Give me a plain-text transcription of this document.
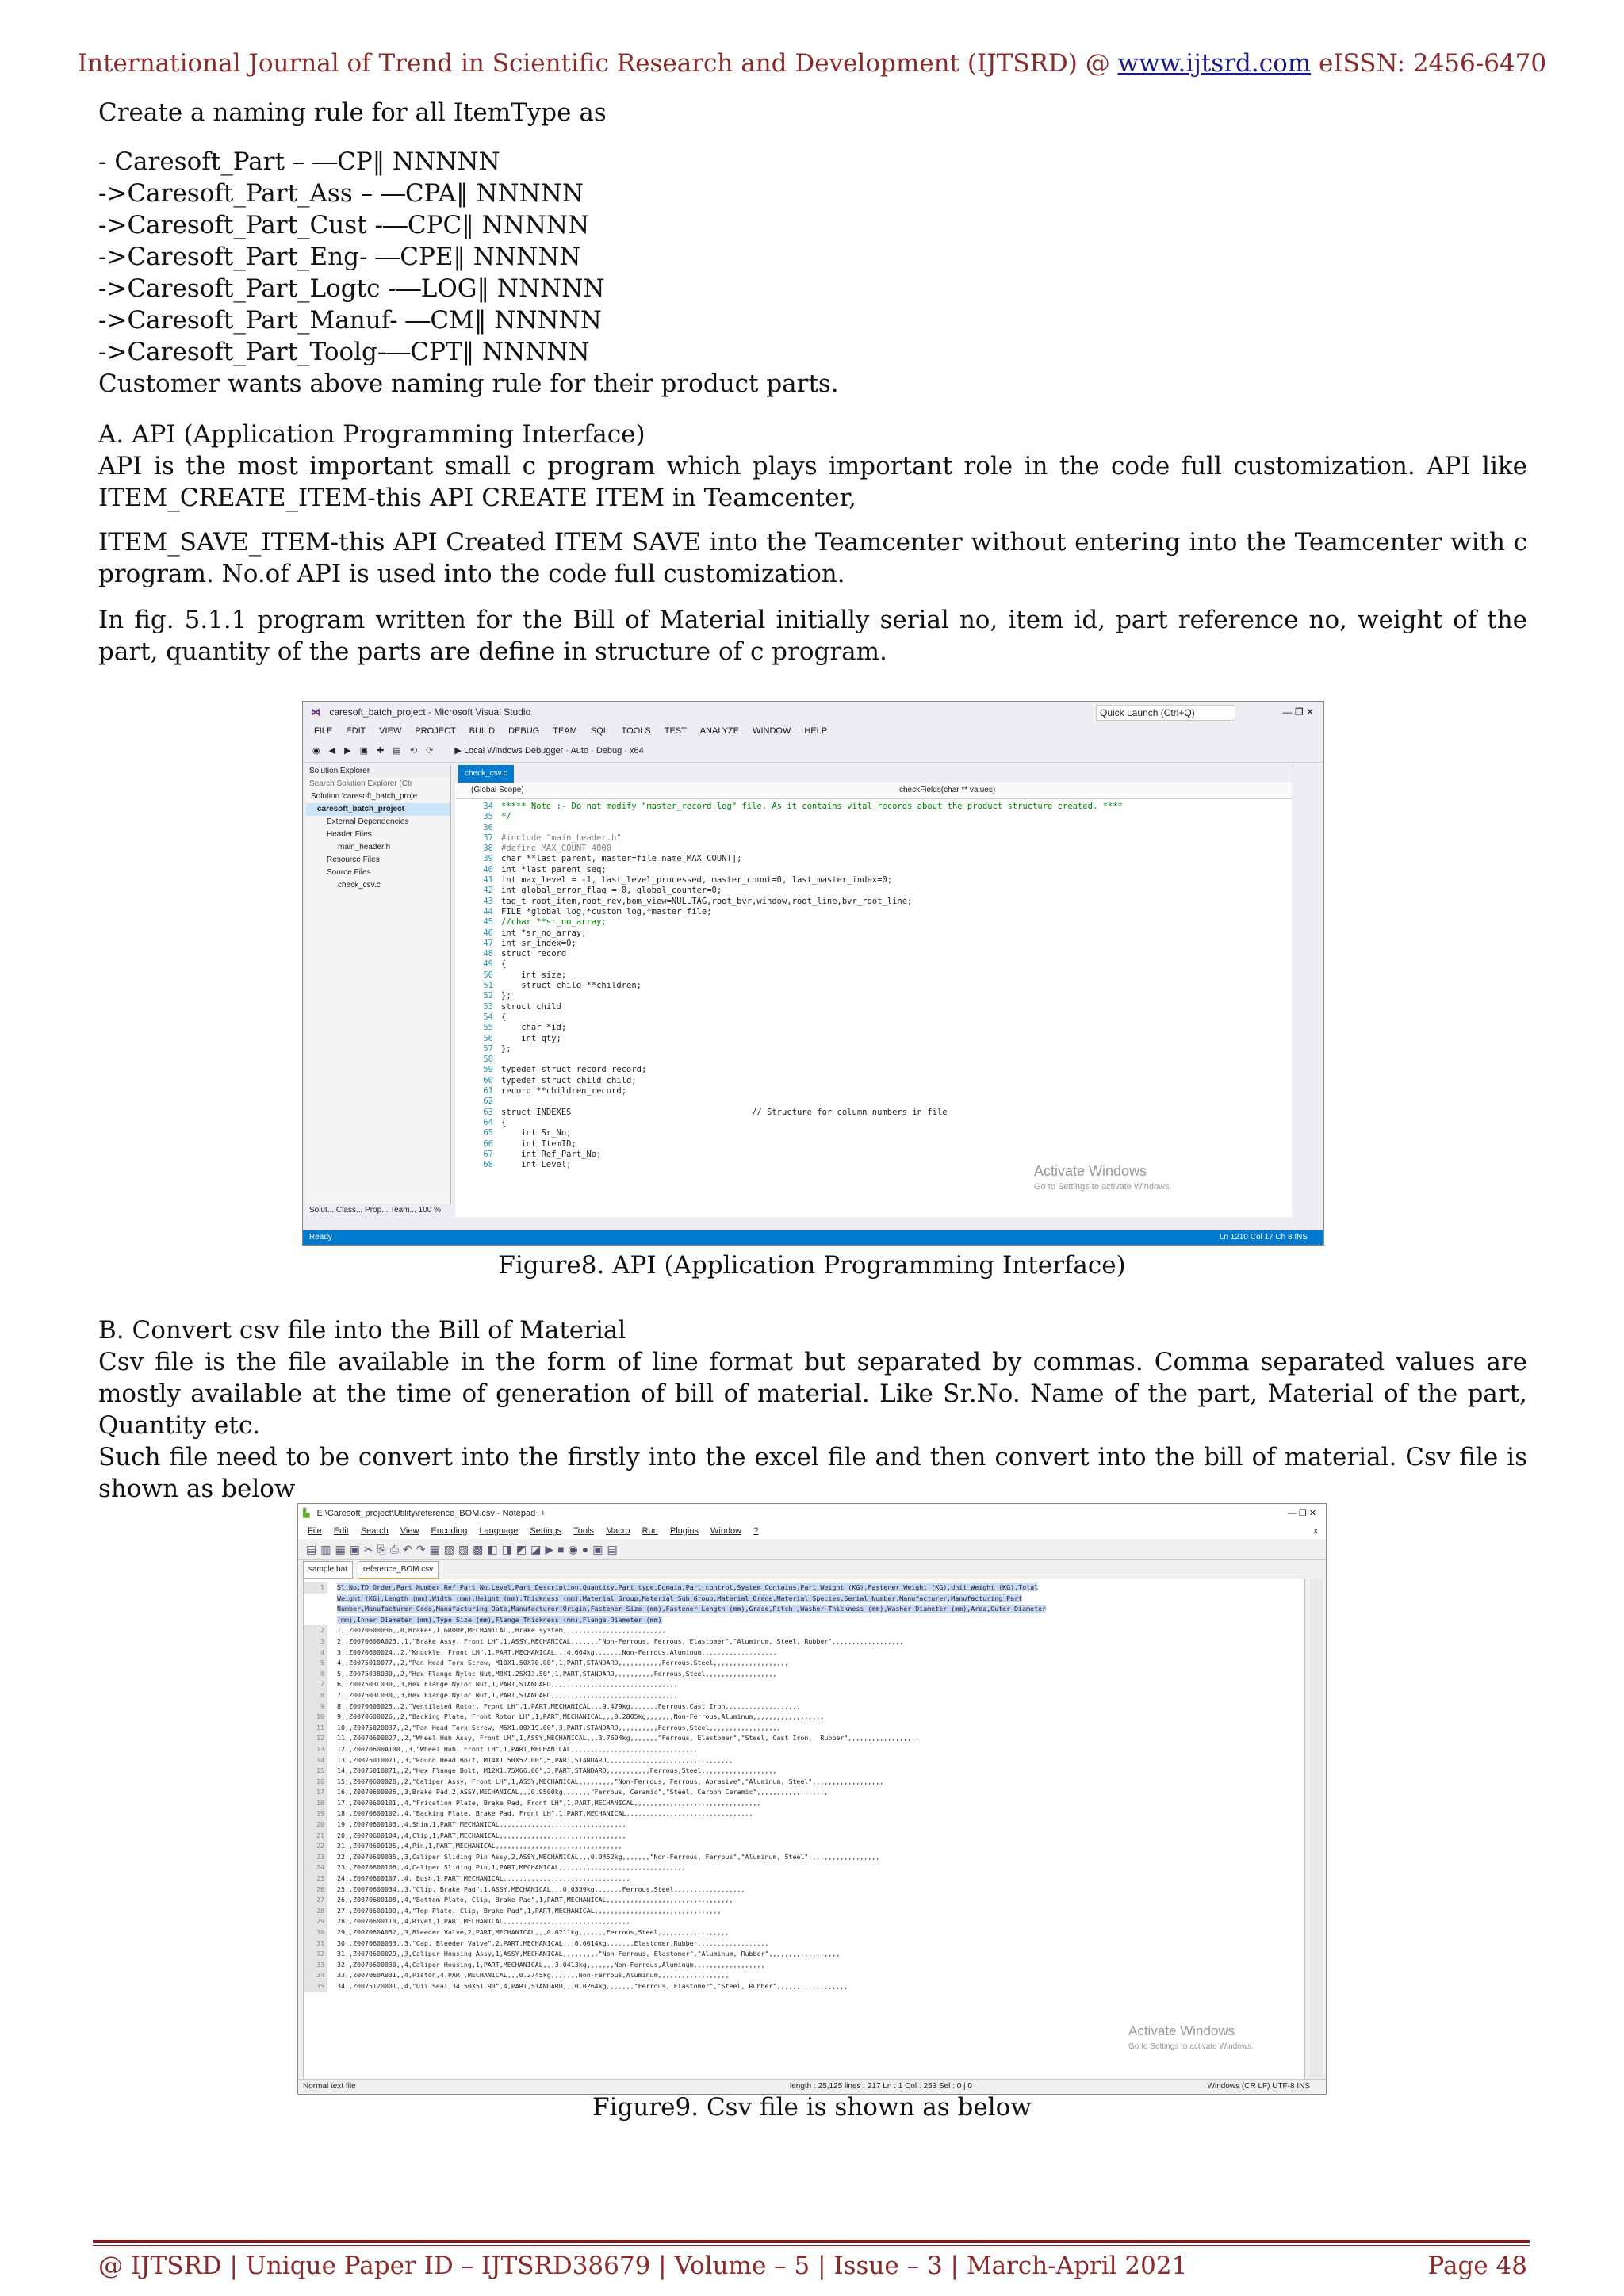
International Journal of Trend in Scientific Research and Development (IJTSRD) @ www.ijtsrd.com eISSN: 2456-6470
Create a naming rule for all ItemType as
- Caresoft_Part – ―CP‖ NNNNN
->Caresoft_Part_Ass – ―CPA‖ NNNNN
->Caresoft_Part_Cust -―CPC‖ NNNNN
->Caresoft_Part_Eng- ―CPE‖ NNNNN
->Caresoft_Part_Logtc -―LOG‖ NNNNN
->Caresoft_Part_Manuf- ―CM‖ NNNNN
->Caresoft_Part_Toolg-―CPT‖ NNNNN
Customer wants above naming rule for their product parts.
A. API (Application Programming Interface)
API is the most important small c program which plays important role in the code full customization. API like ITEM_CREATE_ITEM-this API CREATE ITEM in Teamcenter,
ITEM_SAVE_ITEM-this API Created ITEM SAVE into the Teamcenter without entering into the Teamcenter with c program. No.of API is used into the code full customization.
In fig. 5.1.1 program written for the Bill of Material initially serial no, item id, part reference no, weight of the part, quantity of the parts are define in structure of c program.
⋈ caresoft_batch_project - Microsoft Visual Studio	Quick Launch (Ctrl+Q)	— ❐ ✕
FILE EDIT VIEW PROJECT BUILD DEBUG TEAM SQL TOOLS TEST ANALYZE WINDOW HELP
◉ ◀ ▶ ▣ ✚ ▤ ⟲ ⟳ ▶ Local Windows Debugger · Auto · Debug · x64
Solution Explorer
Search Solution Explorer (Ctr
Solution 'caresoft_batch_proje
caresoft_batch_project
External Dependencies
Header Files
main_header.h
Resource Files
Source Files
check_csv.c
Solut... Class... Prop... Team... 100 %
check_csv.c
(Global Scope)	checkFields(char ** values)
34 ***** Note :- Do not modify "master_record.log" file. As it contains vital records about the product structure created. ****
35 */
36
37 #include "main_header.h"
38 #define MAX_COUNT 4000
39 char **last_parent, master=file_name[MAX_COUNT];
40 int *last_parent_seq;
41 int max_level = -1, last_level_processed, master_count=0, last_master_index=0;
42 int global_error_flag = 0, global_counter=0;
43 tag_t root_item,root_rev,bom_view=NULLTAG,root_bvr,window,root_line,bvr_root_line;
44 FILE *global_log,*custom_log,*master_file;
45 //char **sr_no_array;
46 int *sr_no_array;
47 int sr_index=0;
48 struct record
49 {
50    int size;
51    struct child **children;
52 };
53 struct child
54 {
55    char *id;
56    int qty;
57 };
58
59 typedef struct record record;
60 typedef struct child child;
61 record **children_record;
62
63 struct INDEXES                                    // Structure for column numbers in file
64 {
65    int Sr_No;
66    int ItemID;
67    int Ref_Part_No;
68    int Level;	Activate Windows
Go to Settings to activate Windows.
Ready	Ln 1210 Col 17 Ch 8 INS
Figure8. API (Application Programming Interface)
B. Convert csv file into the Bill of Material
Csv file is the file available in the form of line format but separated by commas. Comma separated values are mostly available at the time of generation of bill of material. Like Sr.No. Name of the part, Material of the part, Quantity etc.
Such file need to be convert into the firstly into the excel file and then convert into the bill of material. Csv file is shown as below
▙ E:\Caresoft_project\Utility\reference_BOM.csv - Notepad++	— ❐ ✕
File Edit Search View Encoding Language Settings Tools Macro Run Plugins Window ?	x
▤▥▦▣✂⎘⎙↶↷▦▧▨▩◧◨◩◪▶■◉●▣▤
sample.bat reference_BOM.csv
1 Sl.No,TD Order,Part Number,Ref Part No,Level,Part Description,Quantity,Part type,Domain,Part control,System Contains,Part Weight (KG),Fastener Weight (KG),Unit Weight (KG),Total
Weight (KG),Length (mm),Width (mm),Height (mm),Thickness (mm),Material Group,Material Sub Group,Material Grade,Material Species,Serial Number,Manufacturer,Manufacturing Part
Number,Manufacturer Code,Manufacturing Date,Manufacturer Origin,Fastener Size (mm),Fastener Length (mm),Grade,Pitch ,Washer Thickness (mm),Washer Diameter (mm),Area,Outer Diameter
(mm),Inner Diameter (mm),Type Size (mm),Flange Thickness (mm),Flange Diameter (mm)
2 1,,Z0070600036,,0,Brakes,1,GROUP,MECHANICAL,,Brake system,,,,,,,,,,,,,,,,,,,,,,,,,,
3 2,,Z0070600A023,,1,"Brake Assy, Front LH",1,ASSY,MECHANICAL,,,,,,,"Non-Ferrous, Ferrous, Elastomer","Aluminum, Steel, Rubber",,,,,,,,,,,,,,,,,,
4 3,,Z0070600024,,2,"Knuckle, Front LH",1,PART,MECHANICAL,,,4.664kg,,,,,,,Non-Ferrous,Aluminum,,,,,,,,,,,,,,,,,,,
5 4,,Z0075010077,,2,"Pan Head Torx Screw, M10X1.50X70.00",1,PART,STANDARD,,,,,,,,,,,Ferrous,Steel,,,,,,,,,,,,,,,,,,,
6 5,,Z0075038030,,2,"Hex Flange Nyloc Nut,M8X1.25X13.50",1,PART,STANDARD,,,,,,,,,,Ferrous,Steel,,,,,,,,,,,,,,,,,,
7 6,,Z007503C030,,3,Hex Flange Nyloc Nut,1,PART,STANDARD,,,,,,,,,,,,,,,,,,,,,,,,,,,,,,,,
8 7,,Z007503C030,,3,Hex Flange Nyloc Nut,1,PART,STANDARD,,,,,,,,,,,,,,,,,,,,,,,,,,,,,,,,
9 8,,Z0070600025,,2,"Ventilated Rotor, Front LH",1,PART,MECHANICAL,,,9.479kg,,,,,,,Ferrous,Cast Iron,,,,,,,,,,,,,,,,,,,
10 9,,Z0070600026,,2,"Backing Plate, Front Rotor LH",1,PART,MECHANICAL,,,0.2805kg,,,,,,,Non-Ferrous,Aluminum,,,,,,,,,,,,,,,,,,
11 10,,Z0075020037,,2,"Pan Head Torx Screw, M6X1.00X19.00",3,PART,STANDARD,,,,,,,,,,Ferrous,Steel,,,,,,,,,,,,,,,,,,
12 11,,Z0070600027,,2,"Wheel Hub Assy, Front LH",1,ASSY,MECHANICAL,,,3.7604kg,,,,,,,"Ferrous, Elastomer","Steel, Cast Iron,  Rubber",,,,,,,,,,,,,,,,,,
13 12,,Z0070600A100,,3,"Wheel Hub, Front LH",1,PART,MECHANICAL,,,,,,,,,,,,,,,,,,,,,,,,,,,,,,,,
14 13,,Z0075010071,,3,"Round Head Bolt, M14X1.50X52.00",5,PART,STANDARD,,,,,,,,,,,,,,,,,,,,,,,,,,,,,,,,
15 14,,Z0075010071,,2,"Hex Flange Bolt, M12X1.75X66.00",3,PART,STANDARD,,,,,,,,,,,Ferrous,Steel,,,,,,,,,,,,,,,,,,,
16 15,,Z0070600028,,2,"Caliper Assy, Front LH",1,ASSY,MECHANICAL,,,,,,,,,"Non-Ferrous, Ferrous, Abrasive","Aluminum, Steel",,,,,,,,,,,,,,,,,,
17 16,,Z0070600036,,3,Brake Pad,2,ASSY,MECHANICAL,,,0.9500kg,,,,,,,"Ferrous, Ceramic","Steel, Carbon Ceramic",,,,,,,,,,,,,,,,,,
18 17,,Z0070600101,,4,"Frication Plate, Brake Pad, Front LH",1,PART,MECHANICAL,,,,,,,,,,,,,,,,,,,,,,,,,,,,,,,,
19 18,,Z0070600102,,4,"Backing Plate, Brake Pad, Front LH",1,PART,MECHANICAL,,,,,,,,,,,,,,,,,,,,,,,,,,,,,,,,
20 19,,Z0070600103,,4,Shim,1,PART,MECHANICAL,,,,,,,,,,,,,,,,,,,,,,,,,,,,,,,,
21 20,,Z0070600104,,4,Clip,1,PART,MECHANICAL,,,,,,,,,,,,,,,,,,,,,,,,,,,,,,,,
22 21,,Z0070600105,,4,Pin,1,PART,MECHANICAL,,,,,,,,,,,,,,,,,,,,,,,,,,,,,,,,
23 22,,Z0070600035,,3,Caliper Sliding Pin Assy,2,ASSY,MECHANICAL,,,0.0452kg,,,,,,,"Non-Ferrous, Ferrous","Aluminum, Steel",,,,,,,,,,,,,,,,,,
24 23,,Z0070600106,,4,Caliper Sliding Pin,1,PART,MECHANICAL,,,,,,,,,,,,,,,,,,,,,,,,,,,,,,,,
25 24,,Z0070600107,,4, Bush,1,PART,MECHANICAL,,,,,,,,,,,,,,,,,,,,,,,,,,,,,,,,
26 25,,Z0070600034,,3,"Clip, Brake Pad",1,ASSY,MECHANICAL,,,0.0339kg,,,,,,,Ferrous,Steel,,,,,,,,,,,,,,,,,,
27 26,,Z0070600108,,4,"Bottom Plate, Clip, Brake Pad",1,PART,MECHANICAL,,,,,,,,,,,,,,,,,,,,,,,,,,,,,,,,
28 27,,Z0070600109,,4,"Top Plate, Clip, Brake Pad",1,PART,MECHANICAL,,,,,,,,,,,,,,,,,,,,,,,,,,,,,,,,
29 28,,Z0070600110,,4,Rivet,1,PART,MECHANICAL,,,,,,,,,,,,,,,,,,,,,,,,,,,,,,,,
30 29,,Z007060A032,,3,Bleeder Valve,2,PART,MECHANICAL,,,0.0211kg,,,,,,,Ferrous,Steel,,,,,,,,,,,,,,,,,,
31 30,,Z0070600033,,3,"Cap, Bleeder Valve",2,PART,MECHANICAL,,,0.0014kg,,,,,,,Elastomer,Rubber,,,,,,,,,,,,,,,,,,
32 31,,Z0070600029,,3,Caliper Housing Assy,1,ASSY,MECHANICAL,,,,,,,,,"Non-Ferrous, Elastomer","Aluminum, Rubber",,,,,,,,,,,,,,,,,,
33 32,,Z0070600030,,4,Caliper Housing,1,PART,MECHANICAL,,,3.0413kg,,,,,,,Non-Ferrous,Aluminum,,,,,,,,,,,,,,,,,,
34 33,,Z007060A031,,4,Piston,4,PART,MECHANICAL,,,0.2745kg,,,,,,,Non-Ferrous,Aluminum,,,,,,,,,,,,,,,,,,
35 34,,Z0075120001,,4,"Oil Seal,34.50X51.90",4,PART,STANDARD,,,0.0264kg,,,,,,,"Ferrous, Elastomer","Steel, Rubber",,,,,,,,,,,,,,,,,,
Activate Windows
Go to Settings to activate Windows.
Normal text file	length : 25,125 lines : 217 Ln : 1 Col : 253 Sel : 0 | 0	Windows (CR LF) UTF-8 INS
Figure9. Csv file is shown as below
@ IJTSRD | Unique Paper ID – IJTSRD38679 | Volume – 5 | Issue – 3 | March-April 2021	Page 48
